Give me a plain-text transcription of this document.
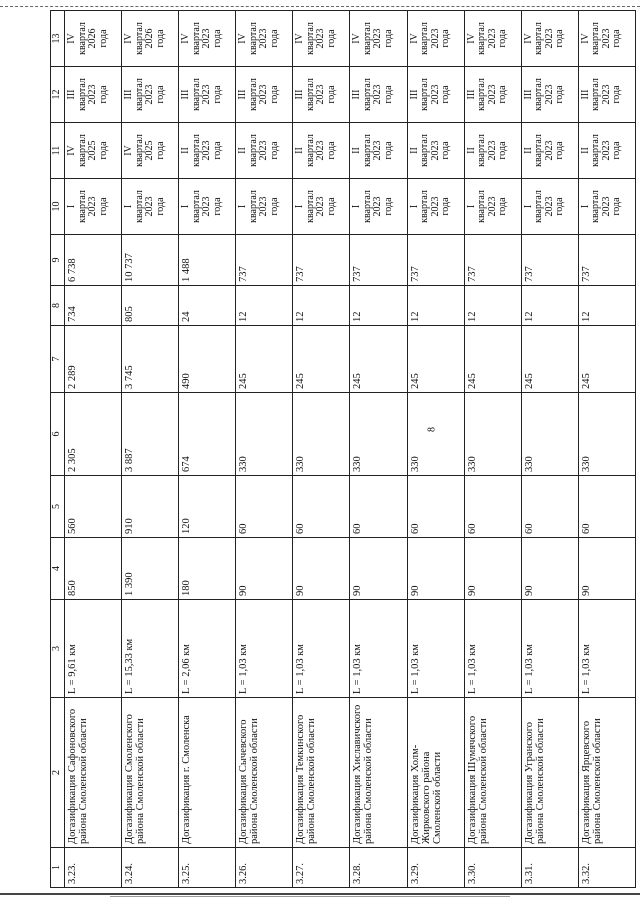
8
1	2	3	4	5	6	7	8	9	10	11	12	13
3.23.	Догазификация Сафоновского района Смоленской области	L = 9,61 км	850	560	2 305	2 289	734	6 738	I
квартал
2023
года	IV
квартал
2025
года	III
квартал
2023
года	IV
квартал
2026
года
3.24.	Догазификация Смоленского района Смоленской области	L = 15,33 км	1 390	910	3 887	3 745	805	10 737	I
квартал
2023
года	IV
квартал
2025
года	III
квартал
2023
года	IV
квартал
2026
года
3.25.	Догазификация г. Смоленска	L = 2,06 км	180	120	674	490	24	1 488	I
квартал
2023
года	II
квартал
2023
года	III
квартал
2023
года	IV
квартал
2023
года
3.26.	Догазификация Сычевского района Смоленской области	L = 1,03 км	90	60	330	245	12	737	I
квартал
2023
года	II
квартал
2023
года	III
квартал
2023
года	IV
квартал
2023
года
3.27.	Догазификация Темкинского района Смоленской области	L = 1,03 км	90	60	330	245	12	737	I
квартал
2023
года	II
квартал
2023
года	III
квартал
2023
года	IV
квартал
2023
года
3.28.	Догазификация Хиславичского района Смоленской области	L = 1,03 км	90	60	330	245	12	737	I
квартал
2023
года	II
квартал
2023
года	III
квартал
2023
года	IV
квартал
2023
года
3.29.	Догазификация Холм-Жирковского района Смоленской области	L = 1,03 км	90	60	330	245	12	737	I
квартал
2023
года	II
квартал
2023
года	III
квартал
2023
года	IV
квартал
2023
года
3.30.	Догазификация Шумячского района Смоленской области	L = 1,03 км	90	60	330	245	12	737	I
квартал
2023
года	II
квартал
2023
года	III
квартал
2023
года	IV
квартал
2023
года
3.31.	Догазификация Угранского района Смоленской области	L = 1,03 км	90	60	330	245	12	737	I
квартал
2023
года	II
квартал
2023
года	III
квартал
2023
года	IV
квартал
2023
года
3.32.	Догазификация Ярцевского района Смоленской области	L = 1,03 км	90	60	330	245	12	737	I
квартал
2023
года	II
квартал
2023
года	III
квартал
2023
года	IV
квартал
2023
года
